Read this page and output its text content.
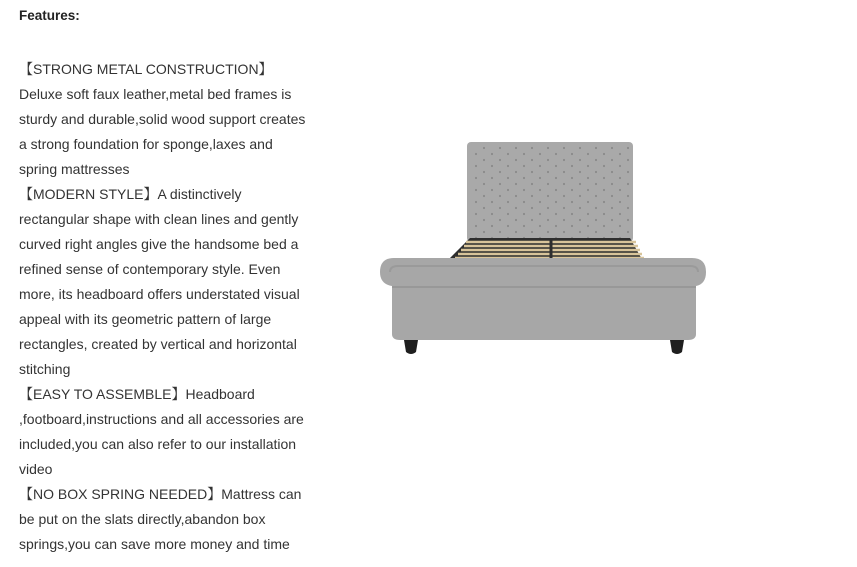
Features:

【STRONG METAL CONSTRUCTION】
Deluxe soft faux leather,metal bed frames is sturdy and durable,solid wood support creates a strong foundation for sponge,laxes and spring mattresses

【MODERN STYLE】A distinctively rectangular shape with clean lines and gently curved right angles give the handsome bed a refined sense of contemporary style. Even more, its headboard offers understated visual appeal with its geometric pattern of large rectangles, created by vertical and horizontal stitching

【EASY TO ASSEMBLE】Headboard ,footboard,instructions and all accessories are included,you can also refer to our installation video

【NO BOX SPRING NEEDED】Mattress can be put on the slats directly,abandon box springs,you can save more money and time
